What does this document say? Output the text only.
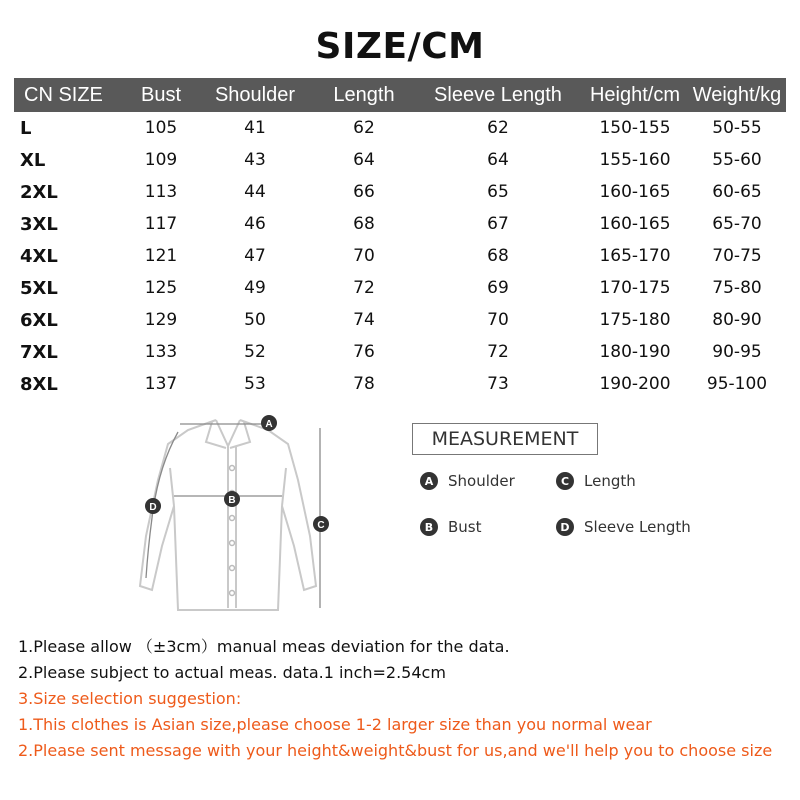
SIZE/CM
CN SIZE	Bust	Shoulder	Length	Sleeve Length	Height/cm	Weight/kg
L	105	41	62	62	150-155	50-55
XL	109	43	64	64	155-160	55-60
2XL	113	44	66	65	160-165	60-65
3XL	117	46	68	67	160-165	65-70
4XL	121	47	70	68	165-170	70-75
5XL	125	49	72	69	170-175	75-80
6XL	129	50	74	70	175-180	80-90
7XL	133	52	76	72	180-190	90-95
8XL	137	53	78	73	190-200	95-100
A
B
C
D
MEASUREMENT
A Shoulder	C Length
B Bust	D Sleeve Length
1.Please allow （±3cm）manual meas deviation for the data.
2.Please subject to actual meas. data.1 inch=2.54cm
3.Size selection suggestion:
1.This clothes is Asian size,please choose 1-2 larger size than you normal wear
2.Please sent message with your height&weight&bust for us,and we'll help you to choose size
